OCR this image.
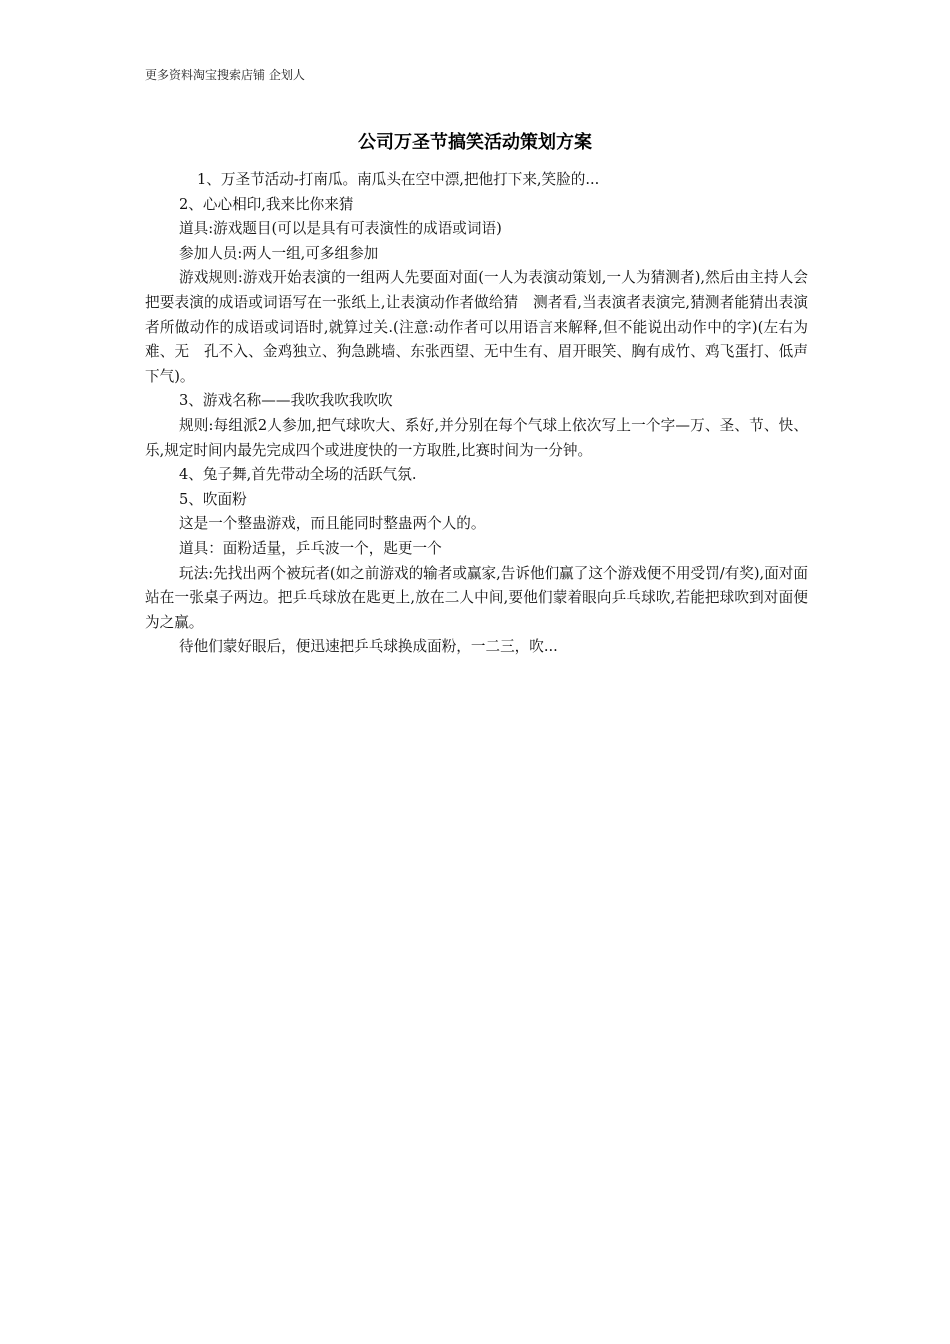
更多资料淘宝搜索店铺 企划人
公司万圣节搞笑活动策划方案

1、万圣节活动-打南瓜。南瓜头在空中漂,把他打下来,笑脸的...

2、心心相印,我来比你来猜

道具:游戏题目(可以是具有可表演性的成语或词语)

参加人员:两人一组,可多组参加

游戏规则:游戏开始表演的一组两人先要面对面(一人为表演动策划,一人为猜测者),然后由主持人会把要表演的成语或词语写在一张纸上,让表演动作者做给猜　测者看,当表演者表演完,猜测者能猜出表演者所做动作的成语或词语时,就算过关.(注意:动作者可以用语言来解释,但不能说出动作中的字)(左右为难、无　孔不入、金鸡独立、狗急跳墙、东张西望、无中生有、眉开眼笑、胸有成竹、鸡飞蛋打、低声下气)。

3、游戏名称——我吹我吹我吹吹

规则:每组派2人参加,把气球吹大、系好,并分别在每个气球上依次写上一个字—万、圣、节、快、乐,规定时间内最先完成四个或进度快的一方取胜,比赛时间为一分钟。

4、兔子舞,首先带动全场的活跃气氛.

5、吹面粉

这是一个整蛊游戏，而且能同时整蛊两个人的。

道具：面粉适量，乒乓波一个，匙更一个

玩法:先找出两个被玩者(如之前游戏的输者或赢家,告诉他们赢了这个游戏便不用受罚/有奖),面对面站在一张桌子两边。把乒乓球放在匙更上,放在二人中间,要他们蒙着眼向乒乓球吹,若能把球吹到对面便为之赢。

待他们蒙好眼后，便迅速把乒乓球换成面粉，一二三，吹...
